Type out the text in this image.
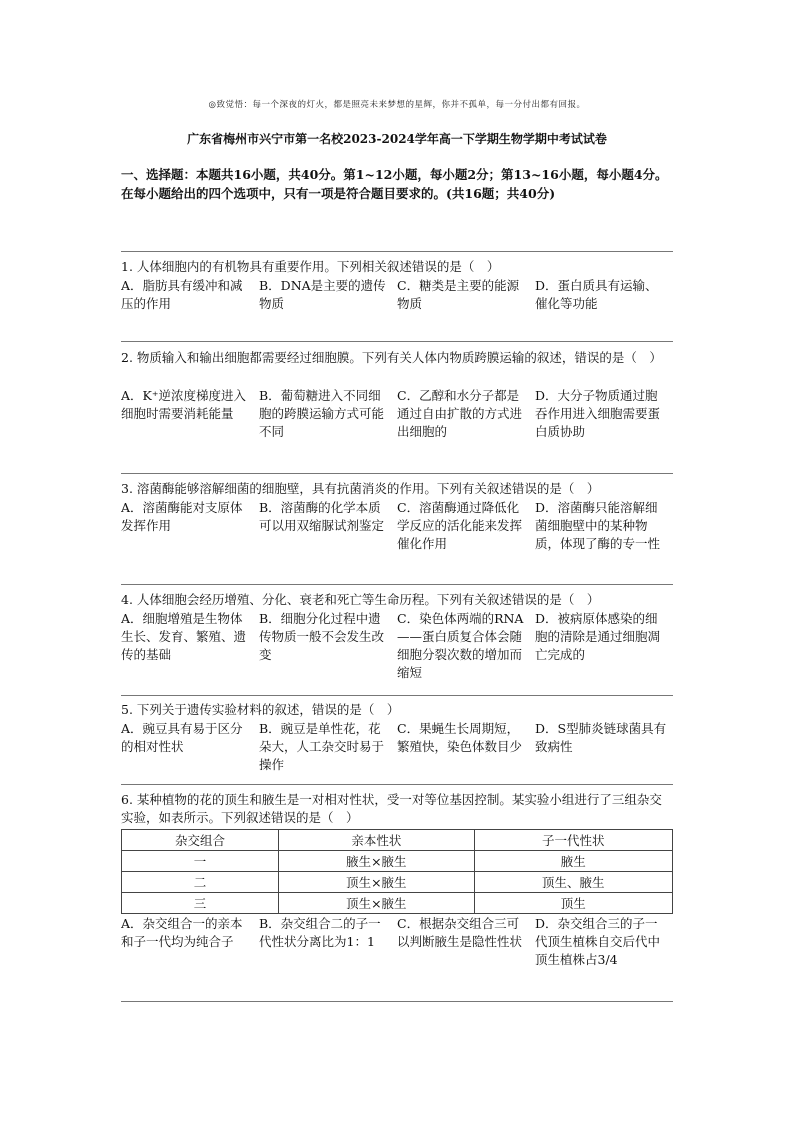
◎致觉悟：每一个深夜的灯火，都是照亮未来梦想的星辉，你并不孤单，每一分付出都有回报。
广东省梅州市兴宁市第一名校2023-2024学年高一下学期生物学期中考试试卷
一、选择题：本题共16小题，共40分。第1~12小题，每小题2分；第13~16小题，每小题4分。在每小题给出的四个选项中，只有一项是符合题目要求的。(共16题；共40分)
1. 人体细胞内的有机物具有重要作用。下列相关叙述错误的是（　）
A．脂肪具有缓冲和减压的作用
B．DNA是主要的遗传物质
C．糖类是主要的能源物质
D．蛋白质具有运输、催化等功能
2. 物质输入和输出细胞都需要经过细胞膜。下列有关人体内物质跨膜运输的叙述，错误的是（　）
A．K⁺逆浓度梯度进入细胞时需要消耗能量
B．葡萄糖进入不同细胞的跨膜运输方式可能不同
C．乙醇和水分子都是通过自由扩散的方式进出细胞的
D．大分子物质通过胞吞作用进入细胞需要蛋白质协助
3. 溶菌酶能够溶解细菌的细胞壁，具有抗菌消炎的作用。下列有关叙述错误的是（　）
A．溶菌酶能对支原体发挥作用
B．溶菌酶的化学本质可以用双缩脲试剂鉴定
C．溶菌酶通过降低化学反应的活化能来发挥催化作用
D．溶菌酶只能溶解细菌细胞壁中的某种物质，体现了酶的专一性
4. 人体细胞会经历增殖、分化、衰老和死亡等生命历程。下列有关叙述错误的是（　）
A．细胞增殖是生物体生长、发育、繁殖、遗传的基础
B．细胞分化过程中遗传物质一般不会发生改变
C．染色体两端的RNA——蛋白质复合体会随细胞分裂次数的增加而缩短
D．被病原体感染的细胞的清除是通过细胞凋亡完成的
5. 下列关于遗传实验材料的叙述，错误的是（　）
A．豌豆具有易于区分的相对性状
B．豌豆是单性花，花朵大，人工杂交时易于操作
C．果蝇生长周期短，繁殖快，染色体数目少
D．S型肺炎链球菌具有致病性
6. 某种植物的花的顶生和腋生是一对相对性状，受一对等位基因控制。某实验小组进行了三组杂交实验，如表所示。下列叙述错误的是（　）
杂交组合	亲本性状	子一代性状
一	腋生×腋生	腋生
二	顶生×腋生	顶生、腋生
三	顶生×腋生	顶生
A．杂交组合一的亲本和子一代均为纯合子
B．杂交组合二的子一代性状分离比为1：1
C．根据杂交组合三可以判断腋生是隐性性状
D．杂交组合三的子一代顶生植株自交后代中顶生植株占3/4
